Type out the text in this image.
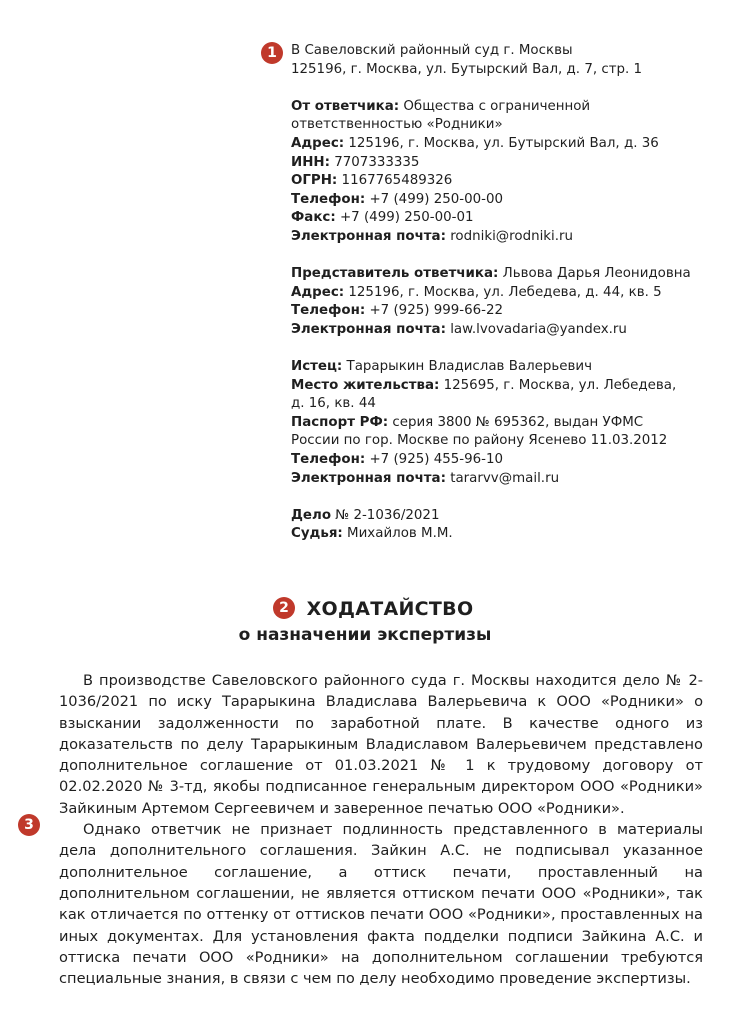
1 В Савеловский районный суд г. Москвы
125196, г. Москва, ул. Бутырский Вал, д. 7, стр. 1
От ответчика: Общества с ограниченной
ответственностью «Родники»
Адрес: 125196, г. Москва, ул. Бутырский Вал, д. 36
ИНН: 7707333335
ОГРН: 1167765489326
Телефон: +7 (499) 250-00-00
Факс: +7 (499) 250-00-01
Электронная почта: rodniki@rodniki.ru
Представитель ответчика: Львова Дарья Леонидовна
Адрес: 125196, г. Москва, ул. Лебедева, д. 44, кв. 5
Телефон: +7 (925) 999-66-22
Электронная почта: law.lvovadaria@yandex.ru
Истец: Тарарыкин Владислав Валерьевич
Место жительства: 125695, г. Москва, ул. Лебедева,
д. 16, кв. 44
Паспорт РФ: серия 3800 № 695362, выдан УФМС
России по гор. Москве по району Ясенево 11.03.2012
Телефон: +7 (925) 455-96-10
Электронная почта: tararvv@mail.ru
Дело № 2-1036/2021
Судья: Михайлов М.М.
2 ХОДАТАЙСТВО
о назначении экспертизы
3

В производстве Савеловского районного суда г. Москвы находится дело № 2-1036/2021 по иску Тарарыкина Владислава Валерьевича к ООО «Родники» о взыскании задолженности по заработной плате. В качестве одного из доказательств по делу Тарарыкиным Владиславом Валерьевичем представлено дополнительное соглашение от 01.03.2021 № 1 к трудовому договору от 02.02.2020 № 3-тд, якобы подписанное генеральным директором ООО «Родники» Зайкиным Артемом Сергеевичем и заверенное печатью ООО «Родники».

Однако ответчик не признает подлинность представленного в материалы дела дополнительного соглашения. Зайкин А.С. не подписывал указанное дополнительное соглашение, а оттиск печати, проставленный на дополнительном соглашении, не является оттиском печати ООО «Родники», так как отличается по оттенку от оттисков печати ООО «Родники», проставленных на иных документах. Для установления факта подделки подписи Зайкина А.С. и оттиска печати ООО «Родники» на дополнительном соглашении требуются специальные знания, в связи с чем по делу необходимо проведение экспертизы.
